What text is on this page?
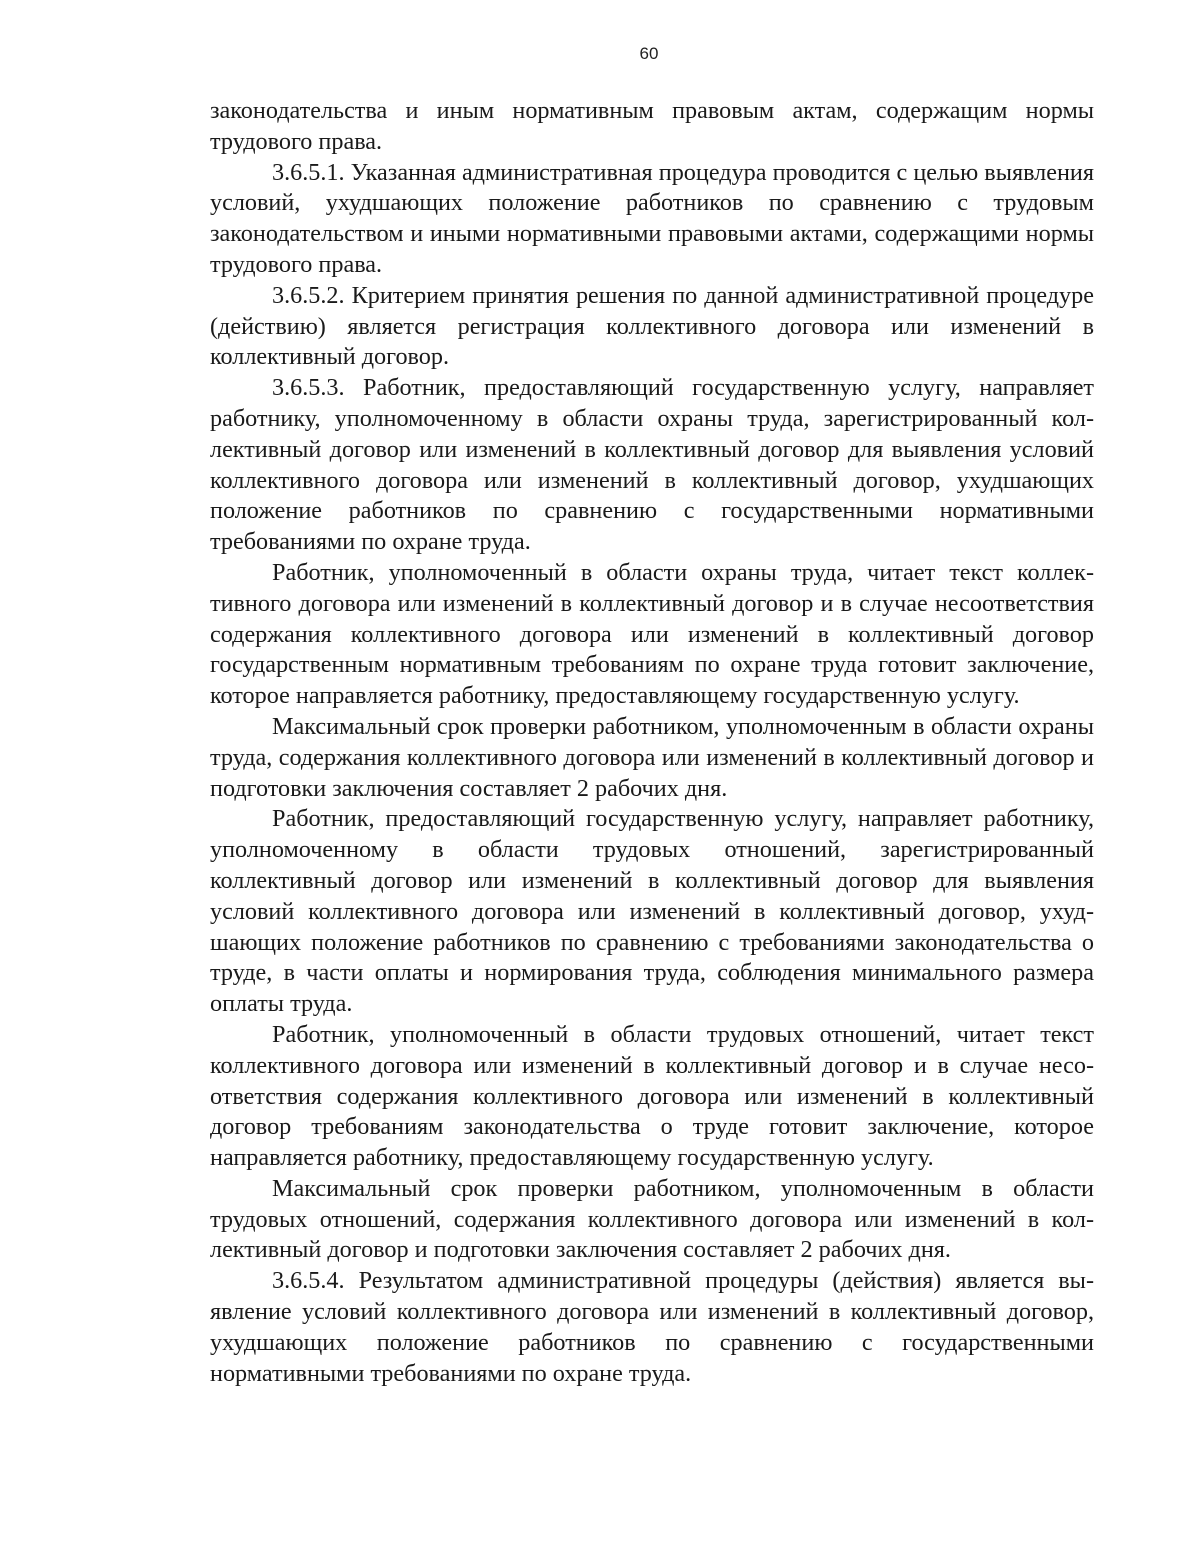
60

законодательства и иным нормативным правовым актам, содержащим нормы трудового права.

3.6.5.1. Указанная административная процедура проводится с целью выявления условий, ухудшающих положение работников по сравнению с трудовым законодательством и иными нормативными правовыми актами, содержащими нормы трудового права.

3.6.5.2. Критерием принятия решения по данной административной процедуре (действию) является регистрация коллективного договора или изменений в коллективный договор.

3.6.5.3. Работник, предоставляющий государственную услугу, направляет работнику, уполномоченному в области охраны труда, зарегистрированный коллективный договор или изменений в коллективный договор для выявления условий коллективного договора или изменений в коллективный договор, ухудшающих положение работников по сравнению с государственными нормативными требованиями по охране труда.

Работник, уполномоченный в области охраны труда, читает текст коллективного договора или изменений в коллективный договор и в случае несоответствия содержания коллективного договора или изменений в коллективный договор государственным нормативным требованиям по охране труда готовит заключение, которое направляется работнику, предоставляющему государственную услугу.

Максимальный срок проверки работником, уполномоченным в области охраны труда, содержания коллективного договора или изменений в коллективный договор и подготовки заключения составляет 2 рабочих дня.

Работник, предоставляющий государственную услугу, направляет работнику, уполномоченному в области трудовых отношений, зарегистрированный коллективный договор или изменений в коллективный договор для выявления условий коллективного договора или изменений в коллективный договор, ухудшающих положение работников по сравнению с требованиями законодательства о труде, в части оплаты и нормирования труда, соблюдения минимального размера оплаты труда.

Работник, уполномоченный в области трудовых отношений, читает текст коллективного договора или изменений в коллективный договор и в случае несоответствия содержания коллективного договора или изменений в коллективный договор требованиям законодательства о труде готовит заключение, которое направляется работнику, предоставляющему государственную услугу.

Максимальный срок проверки работником, уполномоченным в области трудовых отношений, содержания коллективного договора или изменений в коллективный договор и подготовки заключения составляет 2 рабочих дня.

3.6.5.4. Результатом административной процедуры (действия) является выявление условий коллективного договора или изменений в коллективный договор, ухудшающих положение работников по сравнению с государственными нормативными требованиями по охране труда.
